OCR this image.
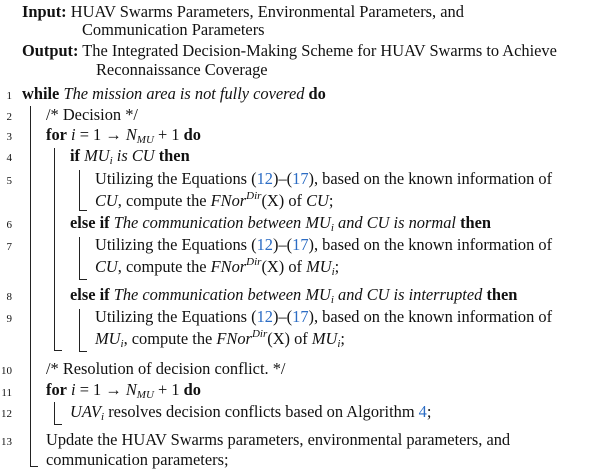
Input: HUAV Swarms Parameters, Environmental Parameters, and
Communication Parameters
Output: The Integrated Decision-Making Scheme for HUAV Swarms to Achieve
Reconnaissance Coverage
1
2
3
4
5
6
7
8
9
10
11
12
13
while The mission area is not fully covered do
/* Decision */
for $i = 1 \to N_{MU} + 1$ do
if $MU_i$ is CU then
Utilizing the Equations (12)–(17), based on the known information of
CU, compute the FNor$^{Dir}$(X) of CU;
else if The communication between $MU_i$ and CU is normal then
Utilizing the Equations (12)–(17), based on the known information of
CU, compute the FNor$^{Dir}$(X) of $MU_i$;
else if The communication between $MU_i$ and CU is interrupted then
Utilizing the Equations (12)–(17), based on the known information of
$MU_i$, compute the FNor$^{Dir}$(X) of $MU_i$;
/* Resolution of decision conflict. */
for $i = 1 \to N_{MU} + 1$ do
$UAV_i$ resolves decision conflicts based on Algorithm 4;
Update the HUAV Swarms parameters, environmental parameters, and
communication parameters;
